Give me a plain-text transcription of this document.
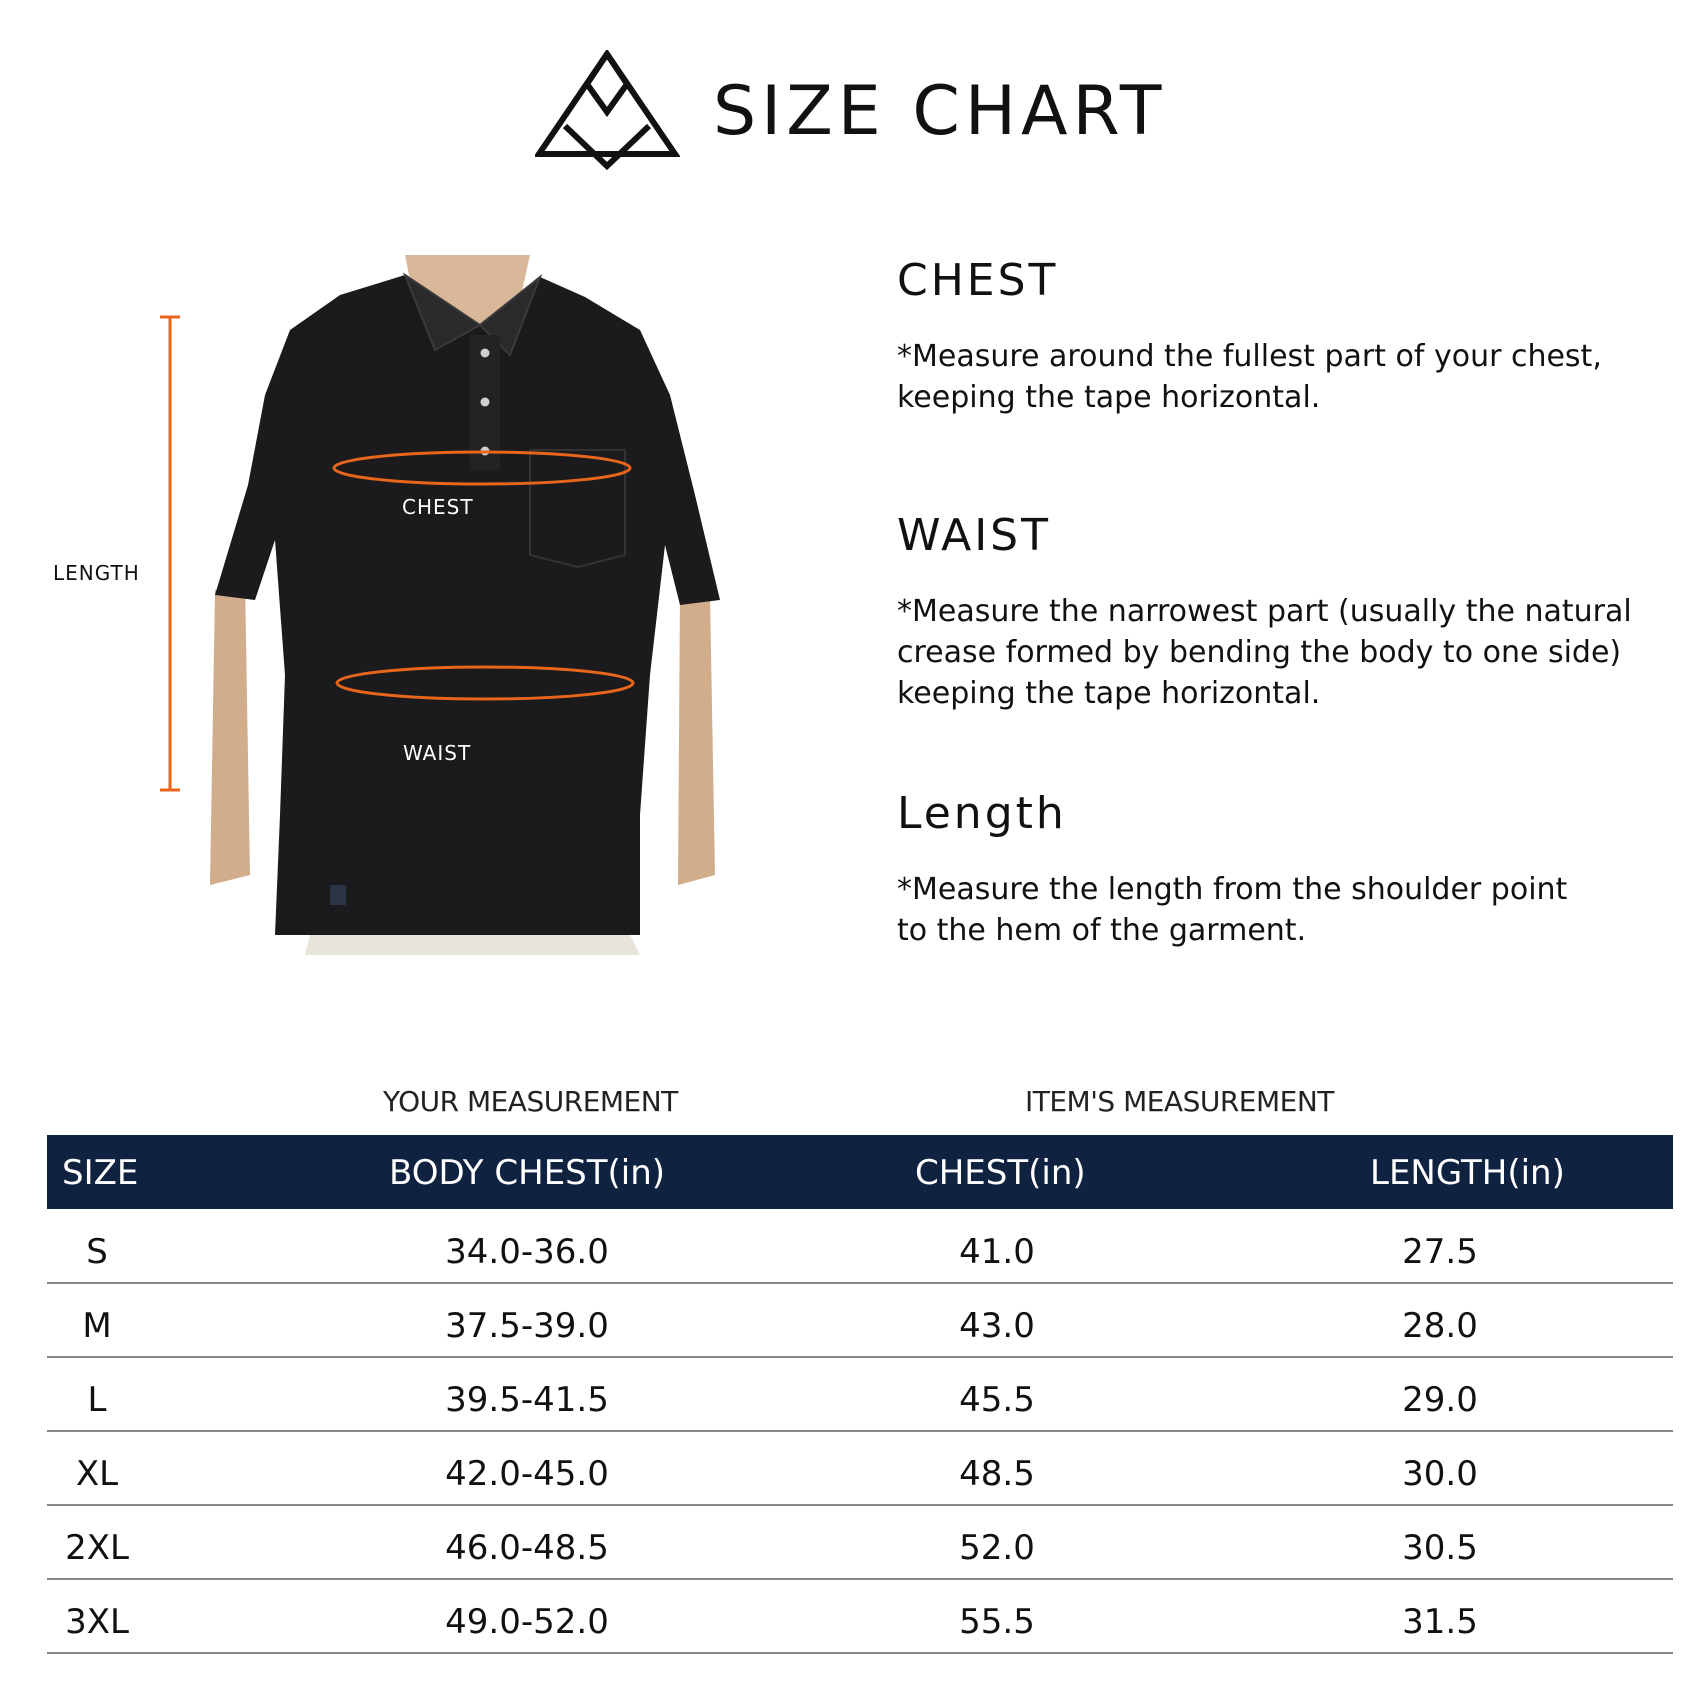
SIZE CHART
LENGTH
CHEST
WAIST
CHEST

*Measure around the fullest part of your chest,
keeping the tape horizontal.

WAIST

*Measure the narrowest part (usually the natural
crease formed by bending the body to one side)
keeping the tape horizontal.

Length

*Measure the length from the shoulder point
to the hem of the garment.

YOUR MEASUREMENT	ITEM'S MEASUREMENT
SIZE	BODY CHEST(in)	CHEST(in)	LENGTH(in)
S	34.0-36.0	41.0	27.5
M	37.5-39.0	43.0	28.0
L	39.5-41.5	45.5	29.0
XL	42.0-45.0	48.5	30.0
2XL	46.0-48.5	52.0	30.5
3XL	49.0-52.0	55.5	31.5
